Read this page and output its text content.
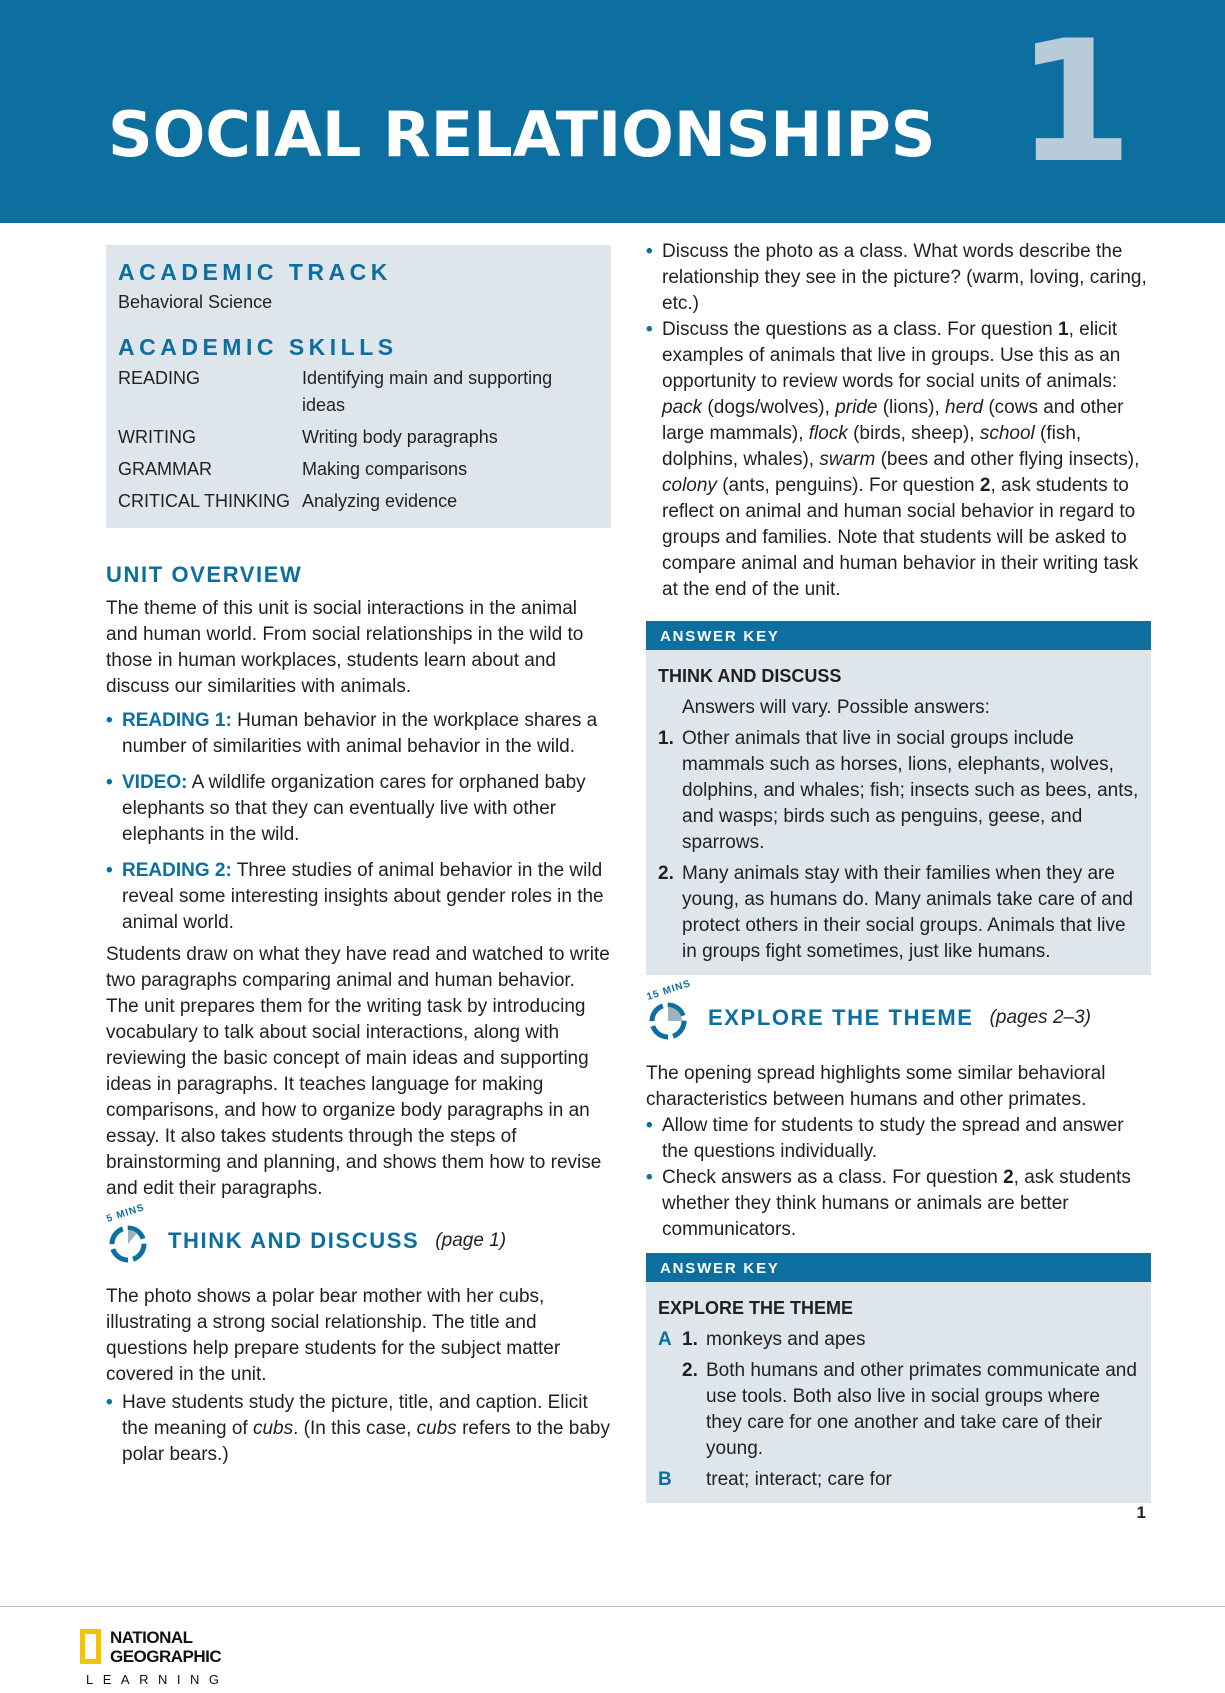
SOCIAL RELATIONSHIPS 1
ACADEMIC TRACK
Behavioral Science
ACADEMIC SKILLS
READING	Identifying main and supporting ideas
WRITING	Writing body paragraphs
GRAMMAR	Making comparisons
CRITICAL THINKING Analyzing evidence
UNIT OVERVIEW

The theme of this unit is social interactions in the animal and human world. From social relationships in the wild to those in human workplaces, students learn about and discuss our similarities with animals.

• READING 1: Human behavior in the workplace shares a number of similarities with animal behavior in the wild.
• VIDEO: A wildlife organization cares for orphaned baby elephants so that they can eventually live with other elephants in the wild.
• READING 2: Three studies of animal behavior in the wild reveal some interesting insights about gender roles in the animal world.

Students draw on what they have read and watched to write two paragraphs comparing animal and human behavior. The unit prepares them for the writing task by introducing vocabulary to talk about social interactions, along with reviewing the basic concept of main ideas and supporting ideas in paragraphs. It teaches language for making comparisons, and how to organize body paragraphs in an essay. It also takes students through the steps of brainstorming and planning, and shows them how to revise and edit their paragraphs.

5 MINS
THINK AND DISCUSS (page 1)

The photo shows a polar bear mother with her cubs, illustrating a strong social relationship. The title and questions help prepare students for the subject matter covered in the unit.

• Have students study the picture, title, and caption. Elicit the meaning of cubs. (In this case, cubs refers to the baby polar bears.)
• Discuss the photo as a class. What words describe the relationship they see in the picture? (warm, loving, caring, etc.)
• Discuss the questions as a class. For question 1, elicit examples of animals that live in groups. Use this as an opportunity to review words for social units of animals: pack (dogs/wolves), pride (lions), herd (cows and other large mammals), flock (birds, sheep), school (fish, dolphins, whales), swarm (bees and other flying insects), colony (ants, penguins). For question 2, ask students to reflect on animal and human social behavior in regard to groups and families. Note that students will be asked to compare animal and human behavior in their writing task at the end of the unit.
ANSWER KEY
THINK AND DISCUSS
Answers will vary. Possible answers:
1. Other animals that live in social groups include mammals such as horses, lions, elephants, wolves, dolphins, and whales; fish; insects such as bees, ants, and wasps; birds such as penguins, geese, and sparrows.
2. Many animals stay with their families when they are young, as humans do. Many animals take care of and protect others in their social groups. Animals that live in groups fight sometimes, just like humans.
15 MINS
EXPLORE THE THEME (pages 2–3)

The opening spread highlights some similar behavioral characteristics between humans and other primates.

• Allow time for students to study the spread and answer the questions individually.
• Check answers as a class. For question 2, ask students whether they think humans or animals are better communicators.
ANSWER KEY
EXPLORE THE THEME
A 1. monkeys and apes
2. Both humans and other primates communicate and use tools. Both also live in social groups where they care for one another and take care of their young.
B	treat; interact; care for
1
NATIONAL
GEOGRAPHIC
LEARNING
